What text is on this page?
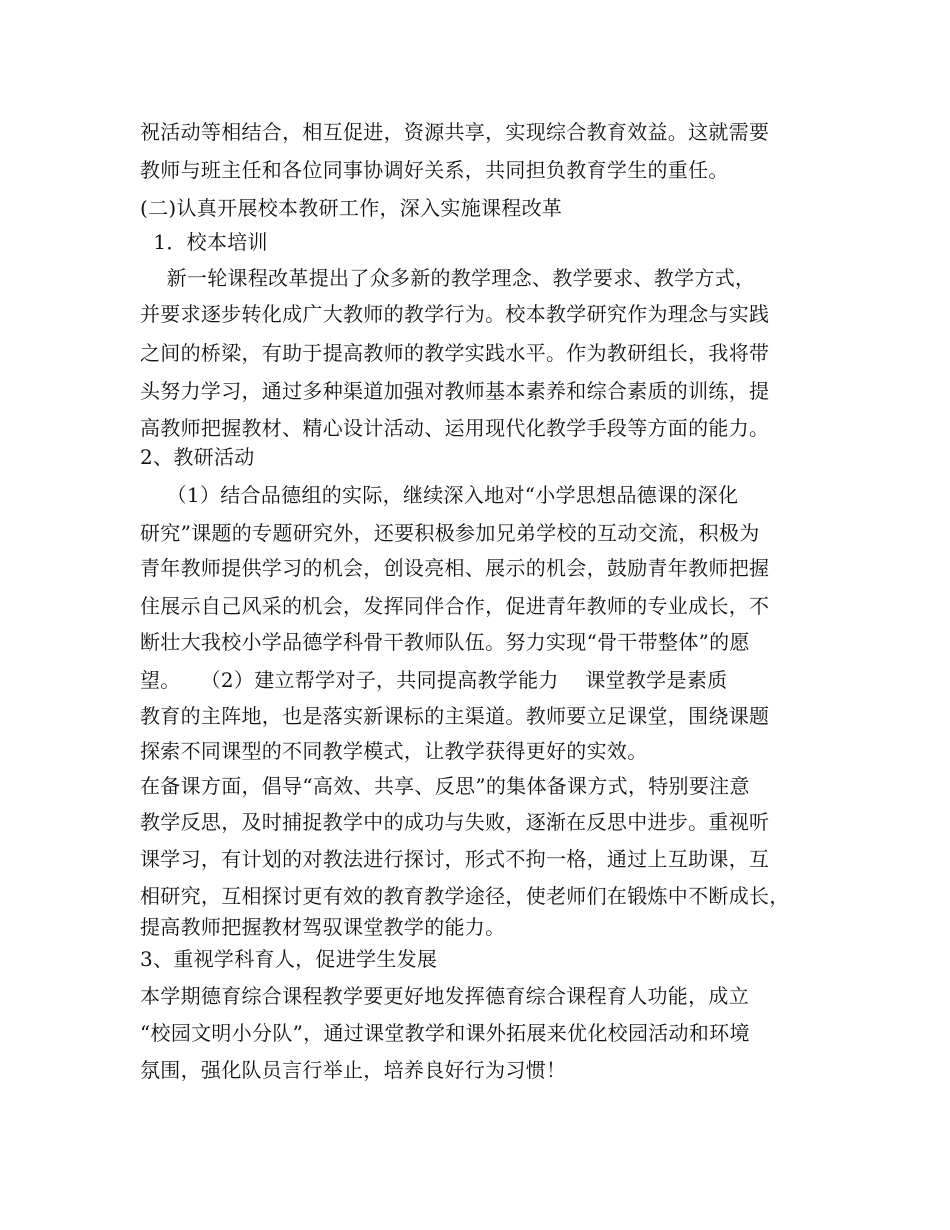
祝活动等相结合，相互促进，资源共享，实现综合教育效益。这就需要
教师与班主任和各位同事协调好关系，共同担负教育学生的重任。
(二)认真开展校本教研工作，深入实施课程改革
1．校本培训
新一轮课程改革提出了众多新的教学理念、教学要求、教学方式，
并要求逐步转化成广大教师的教学行为。校本教学研究作为理念与实践
之间的桥梁，有助于提高教师的教学实践水平。作为教研组长，我将带
头努力学习，通过多种渠道加强对教师基本素养和综合素质的训练，提
高教师把握教材、精心设计活动、运用现代化教学手段等方面的能力。
2、教研活动
（1）结合品德组的实际，继续深入地对“小学思想品德课的深化
研究”课题的专题研究外，还要积极参加兄弟学校的互动交流，积极为
青年教师提供学习的机会，创设亮相、展示的机会，鼓励青年教师把握
住展示自己风采的机会，发挥同伴合作，促进青年教师的专业成长，不
断壮大我校小学品德学科骨干教师队伍。努力实现“骨干带整体”的愿
望。   （2）建立帮学对子，共同提高教学能力    课堂教学是素质
教育的主阵地，也是落实新课标的主渠道。教师要立足课堂，围绕课题
探索不同课型的不同教学模式，让教学获得更好的实效。
在备课方面，倡导“高效、共享、反思”的集体备课方式，特别要注意
教学反思，及时捕捉教学中的成功与失败，逐渐在反思中进步。重视听
课学习，有计划的对教法进行探讨，形式不拘一格，通过上互助课，互
相研究，互相探讨更有效的教育教学途径，使老师们在锻炼中不断成长，
提高教师把握教材驾驭课堂教学的能力。
3、重视学科育人，促进学生发展
本学期德育综合课程教学要更好地发挥德育综合课程育人功能，成立
“校园文明小分队”，通过课堂教学和课外拓展来优化校园活动和环境
氛围，强化队员言行举止，培养良好行为习惯！
